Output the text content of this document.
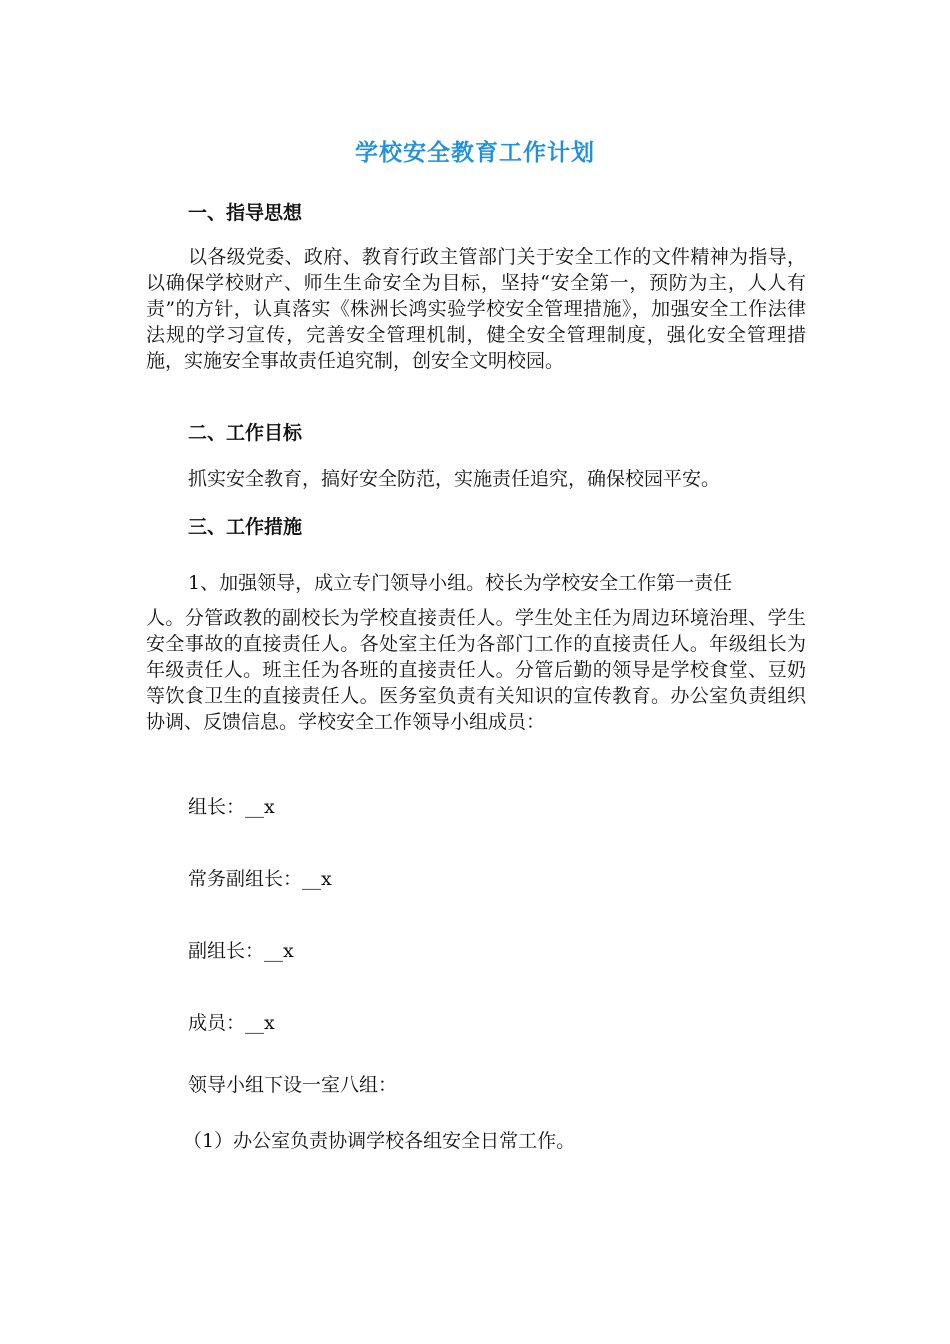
学校安全教育工作计划
一、指导思想
以各级党委、政府、教育行政主管部门关于安全工作的文件精神为指导，以确保学校财产、师生生命安全为目标，坚持“安全第一，预防为主，人人有责”的方针，认真落实《株洲长鸿实验学校安全管理措施》，加强安全工作法律法规的学习宣传，完善安全管理机制，健全安全管理制度，强化安全管理措施，实施安全事故责任追究制，创安全文明校园。
二、工作目标
抓实安全教育，搞好安全防范，实施责任追究，确保校园平安。
三、工作措施
1、加强领导，成立专门领导小组。校长为学校安全工作第一责任
人。分管政教的副校长为学校直接责任人。学生处主任为周边环境治理、学生安全事故的直接责任人。各处室主任为各部门工作的直接责任人。年级组长为年级责任人。班主任为各班的直接责任人。分管后勤的领导是学校食堂、豆奶等饮食卫生的直接责任人。医务室负责有关知识的宣传教育。办公室负责组织协调、反馈信息。学校安全工作领导小组成员：
组长：__x
常务副组长：__x
副组长：__x
成员：__x
领导小组下设一室八组：
（1）办公室负责协调学校各组安全日常工作。
